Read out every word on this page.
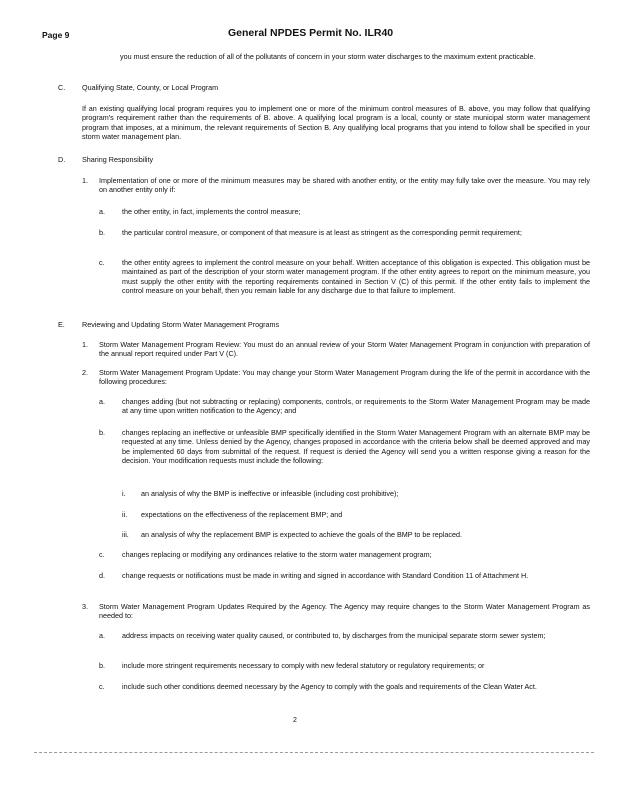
Page 9	General NPDES Permit No. ILR40
you must ensure the reduction of all of the pollutants of concern in your storm water discharges to the maximum extent practicable.
C. Qualifying State, County, or Local Program
If an existing qualifying local program requires you to implement one or more of the minimum control measures of B. above, you may follow that qualifying program's requirement rather than the requirements of B. above. A qualifying local program is a local, county or state municipal storm water management program that imposes, at a minimum, the relevant requirements of Section B. Any qualifying local programs that you intend to follow shall be specified in your storm water management plan.
D. Sharing Responsibility
1. Implementation of one or more of the minimum measures may be shared with another entity, or the entity may fully take over the measure. You may rely on another entity only if:
a. the other entity, in fact, implements the control measure;
b. the particular control measure, or component of that measure is at least as stringent as the corresponding permit requirement;
c. the other entity agrees to implement the control measure on your behalf. Written acceptance of this obligation is expected. This obligation must be maintained as part of the description of your storm water management program. If the other entity agrees to report on the minimum measure, you must supply the other entity with the reporting requirements contained in Section V (C) of this permit. If the other entity fails to implement the control measure on your behalf, then you remain liable for any discharge due to that failure to implement.
E. Reviewing and Updating Storm Water Management Programs
1. Storm Water Management Program Review: You must do an annual review of your Storm Water Management Program in conjunction with preparation of the annual report required under Part V (C).
2. Storm Water Management Program Update: You may change your Storm Water Management Program during the life of the permit in accordance with the following procedures:
a. changes adding (but not subtracting or replacing) components, controls, or requirements to the Storm Water Management Program may be made at any time upon written notification to the Agency; and
b. changes replacing an ineffective or unfeasible BMP specifically identified in the Storm Water Management Program with an alternate BMP may be requested at any time. Unless denied by the Agency, changes proposed in accordance with the criteria below shall be deemed approved and may be implemented 60 days from submittal of the request. If request is denied the Agency will send you a written response giving a reason for the decision. Your modification requests must include the following:
i. an analysis of why the BMP is ineffective or infeasible (including cost prohibitive);
ii. expectations on the effectiveness of the replacement BMP; and
iii. an analysis of why the replacement BMP is expected to achieve the goals of the BMP to be replaced.
c. changes replacing or modifying any ordinances relative to the storm water management program;
d. change requests or notifications must be made in writing and signed in accordance with Standard Condition 11 of Attachment H.
3. Storm Water Management Program Updates Required by the Agency. The Agency may require changes to the Storm Water Management Program as needed to:
a. address impacts on receiving water quality caused, or contributed to, by discharges from the municipal separate storm sewer system;
b. include more stringent requirements necessary to comply with new federal statutory or regulatory requirements; or
c. include such other conditions deemed necessary by the Agency to comply with the goals and requirements of the Clean Water Act.
2
